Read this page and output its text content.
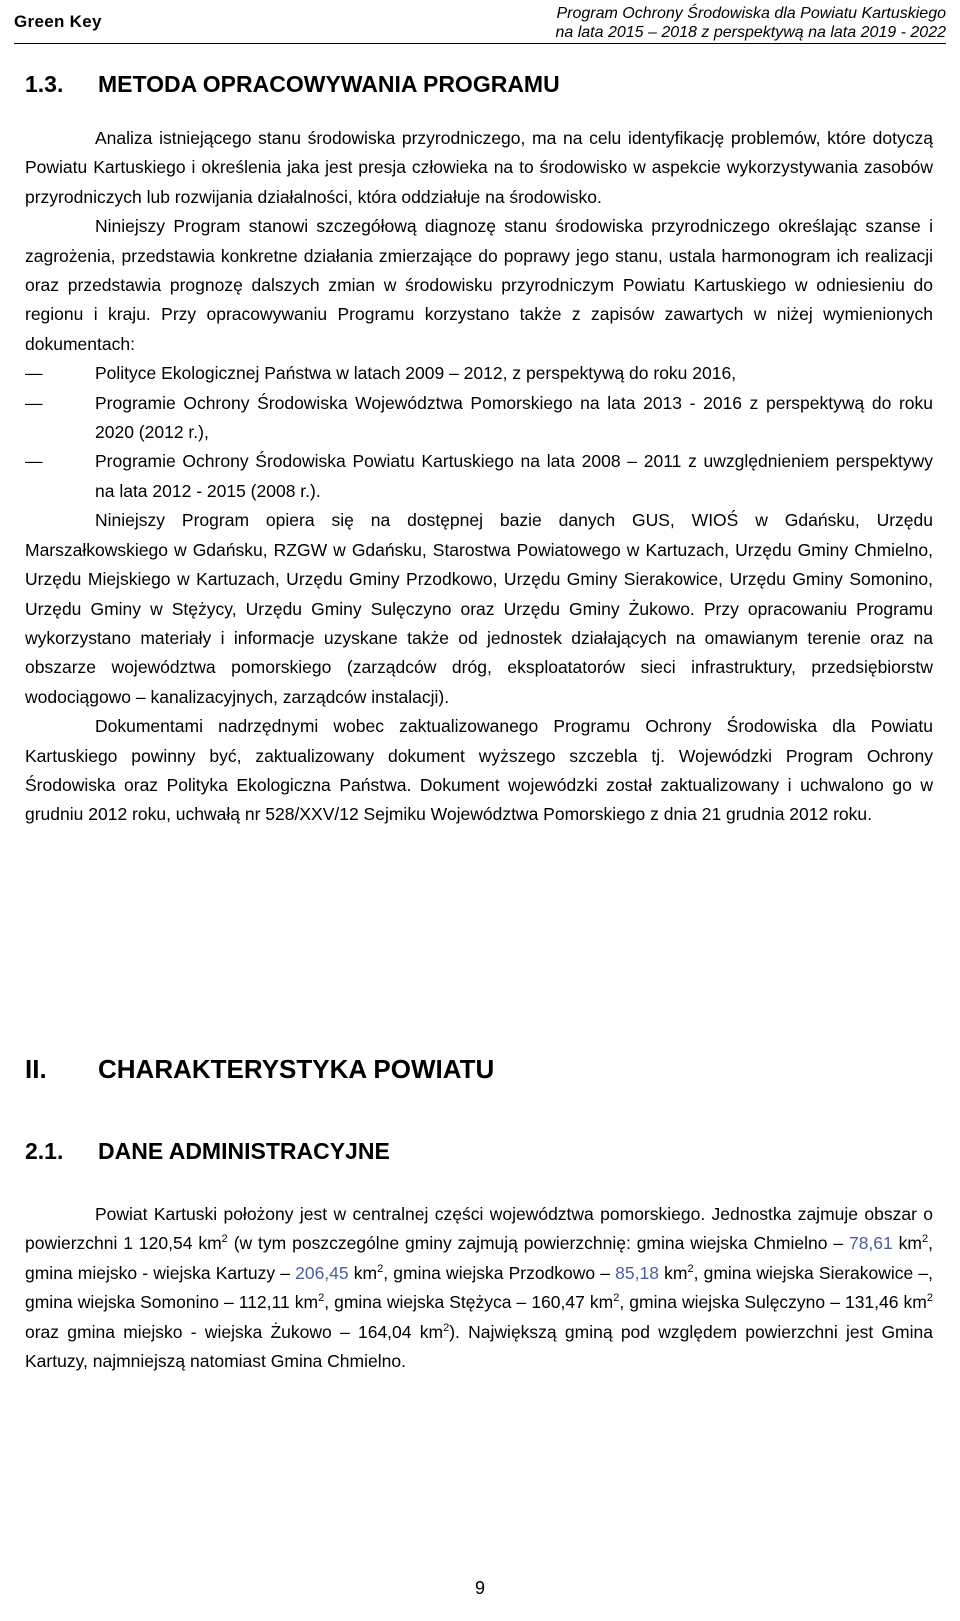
Green Key	Program Ochrony Środowiska dla Powiatu Kartuskiego
na lata 2015 – 2018 z perspektywą na lata 2019 - 2022
1.3. METODA OPRACOWYWANIA PROGRAMU

Analiza istniejącego stanu środowiska przyrodniczego, ma na celu identyfikację problemów, które dotyczą Powiatu Kartuskiego i określenia jaka jest presja człowieka na to środowisko w aspekcie wykorzystywania zasobów przyrodniczych lub rozwijania działalności, która oddziałuje na środowisko.

Niniejszy Program stanowi szczegółową diagnozę stanu środowiska przyrodniczego określając szanse i zagrożenia, przedstawia konkretne działania zmierzające do poprawy jego stanu, ustala harmonogram ich realizacji oraz przedstawia prognozę dalszych zmian w środowisku przyrodniczym Powiatu Kartuskiego w odniesieniu do regionu i kraju. Przy opracowywaniu Programu korzystano także z zapisów zawartych w niżej wymienionych dokumentach:

— Polityce Ekologicznej Państwa w latach 2009 – 2012, z perspektywą do roku 2016,
— Programie Ochrony Środowiska Województwa Pomorskiego na lata 2013 - 2016 z perspektywą do roku 2020 (2012 r.),
— Programie Ochrony Środowiska Powiatu Kartuskiego na lata 2008 – 2011 z uwzględnieniem perspektywy na lata 2012 - 2015 (2008 r.).

Niniejszy Program opiera się na dostępnej bazie danych GUS, WIOŚ w Gdańsku, Urzędu Marszałkowskiego w Gdańsku, RZGW w Gdańsku, Starostwa Powiatowego w Kartuzach, Urzędu Gminy Chmielno, Urzędu Miejskiego w Kartuzach, Urzędu Gminy Przodkowo, Urzędu Gminy Sierakowice, Urzędu Gminy Somonino, Urzędu Gminy w Stężycy, Urzędu Gminy Sulęczyno oraz Urzędu Gminy Żukowo. Przy opracowaniu Programu wykorzystano materiały i informacje uzyskane także od jednostek działających na omawianym terenie oraz na obszarze województwa pomorskiego (zarządców dróg, eksploatatorów sieci infrastruktury, przedsiębiorstw wodociągowo – kanalizacyjnych, zarządców instalacji).

Dokumentami nadrzędnymi wobec zaktualizowanego Programu Ochrony Środowiska dla Powiatu Kartuskiego powinny być, zaktualizowany dokument wyższego szczebla tj. Wojewódzki Program Ochrony Środowiska oraz Polityka Ekologiczna Państwa. Dokument wojewódzki został zaktualizowany i uchwalono go w grudniu 2012 roku, uchwałą nr 528/XXV/12 Sejmiku Województwa Pomorskiego z dnia 21 grudnia 2012 roku.

II. CHARAKTERYSTYKA POWIATU
2.1. DANE ADMINISTRACYJNE

Powiat Kartuski położony jest w centralnej części województwa pomorskiego. Jednostka zajmuje obszar o powierzchni 1 120,54 $km^2$ (w tym poszczególne gminy zajmują powierzchnię: gmina wiejska Chmielno – 78,61 $km^2$, gmina miejsko - wiejska Kartuzy – 206,45 $km^2$, gmina wiejska Przodkowo – 85,18 $km^2$, gmina wiejska Sierakowice –, gmina wiejska Somonino – 112,11 $km^2$, gmina wiejska Stężyca – 160,47 $km^2$, gmina wiejska Sulęczyno – 131,46 $km^2$ oraz gmina miejsko - wiejska Żukowo – 164,04 $km^2$). Największą gminą pod względem powierzchni jest Gmina Kartuzy, najmniejszą natomiast Gmina Chmielno.

9
